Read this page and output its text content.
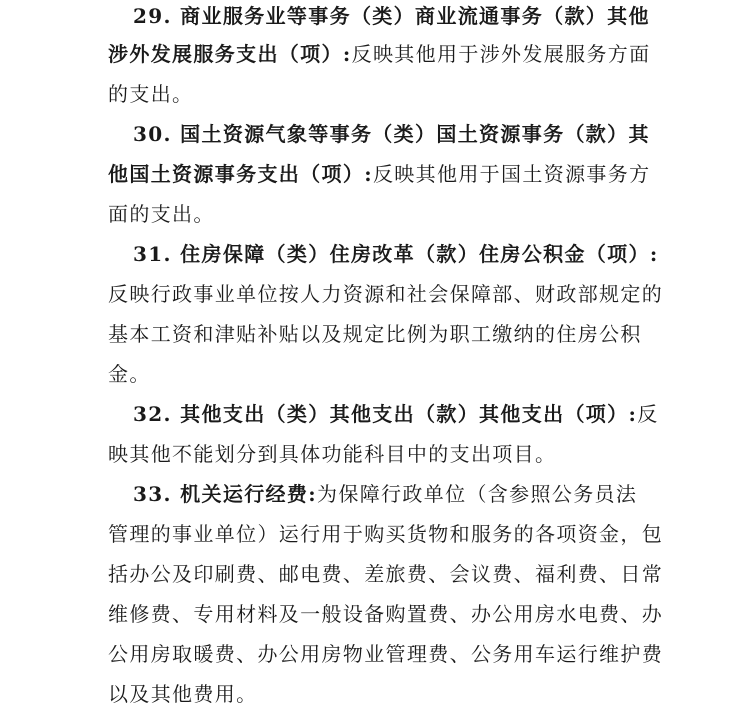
29. 商业服务业等事务（类）商业流通事务（款）其他
涉外发展服务支出（项）:反映其他用于涉外发展服务方面
的支出。
30. 国土资源气象等事务（类）国土资源事务（款）其
他国土资源事务支出（项）:反映其他用于国土资源事务方
面的支出。
31. 住房保障（类）住房改革（款）住房公积金（项）:
反映行政事业单位按人力资源和社会保障部、财政部规定的
基本工资和津贴补贴以及规定比例为职工缴纳的住房公积
金。
32. 其他支出（类）其他支出（款）其他支出（项）:反
映其他不能划分到具体功能科目中的支出项目。
33. 机关运行经费:为保障行政单位（含参照公务员法
管理的事业单位）运行用于购买货物和服务的各项资金，包
括办公及印刷费、邮电费、差旅费、会议费、福利费、日常
维修费、专用材料及一般设备购置费、办公用房水电费、办
公用房取暖费、办公用房物业管理费、公务用车运行维护费
以及其他费用。
